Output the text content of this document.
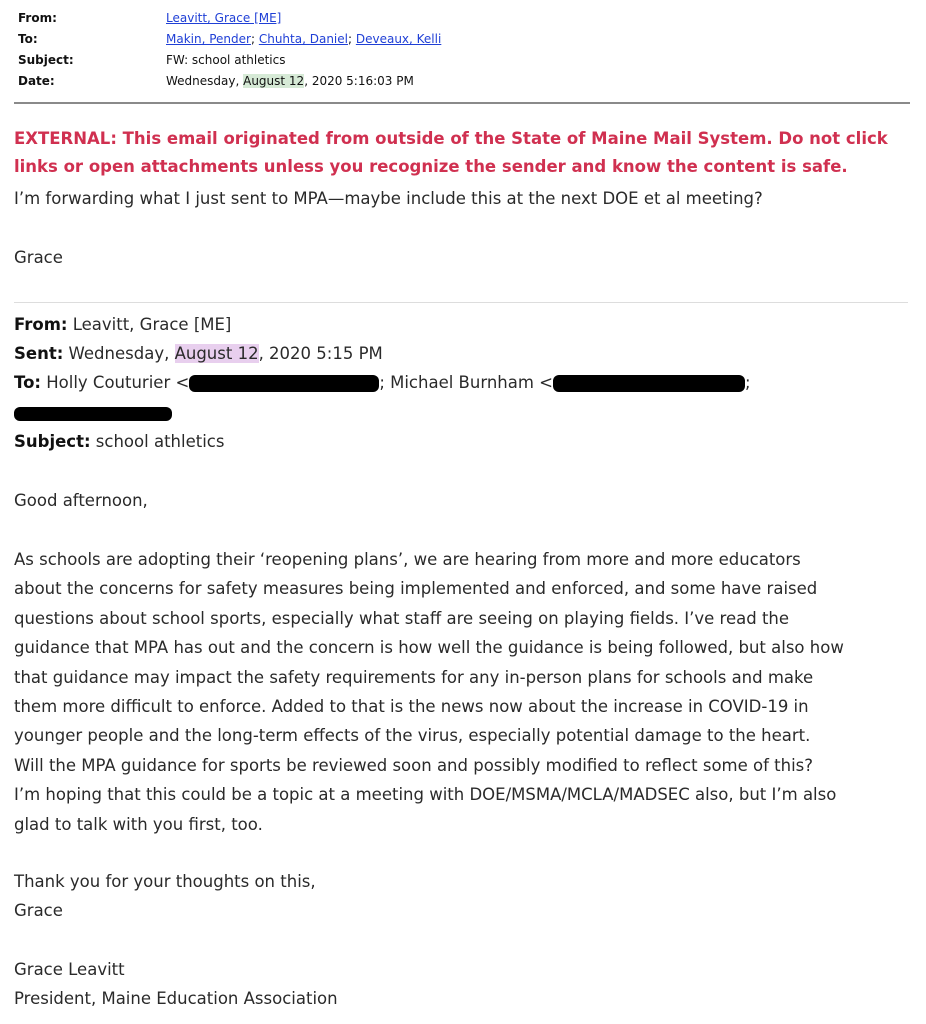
From:	Leavitt, Grace [ME]
To:	Makin, Pender; Chuhta, Daniel; Deveaux, Kelli
Subject:	FW: school athletics
Date:	Wednesday, August 12, 2020 5:16:03 PM
EXTERNAL: This email originated from outside of the State of Maine Mail System. Do not click links or open attachments unless you recognize the sender and know the content is safe.
I’m forwarding what I just sent to MPA—maybe include this at the next DOE et al meeting?
Grace
From: Leavitt, Grace [ME]
Sent: Wednesday, August 12, 2020 5:15 PM
To: Holly Couturier <	; Michael Burnham <	;
Subject: school athletics
Good afternoon,
As schools are adopting their ‘reopening plans’, we are hearing from more and more educators
about the concerns for safety measures being implemented and enforced, and some have raised
questions about school sports, especially what staff are seeing on playing fields. I’ve read the
guidance that MPA has out and the concern is how well the guidance is being followed, but also how
that guidance may impact the safety requirements for any in-person plans for schools and make
them more difficult to enforce. Added to that is the news now about the increase in COVID-19 in
younger people and the long-term effects of the virus, especially potential damage to the heart.
Will the MPA guidance for sports be reviewed soon and possibly modified to reflect some of this?
I’m hoping that this could be a topic at a meeting with DOE/MSMA/MCLA/MADSEC also, but I’m also
glad to talk with you first, too.
Thank you for your thoughts on this,
Grace
Grace Leavitt
President, Maine Education Association
